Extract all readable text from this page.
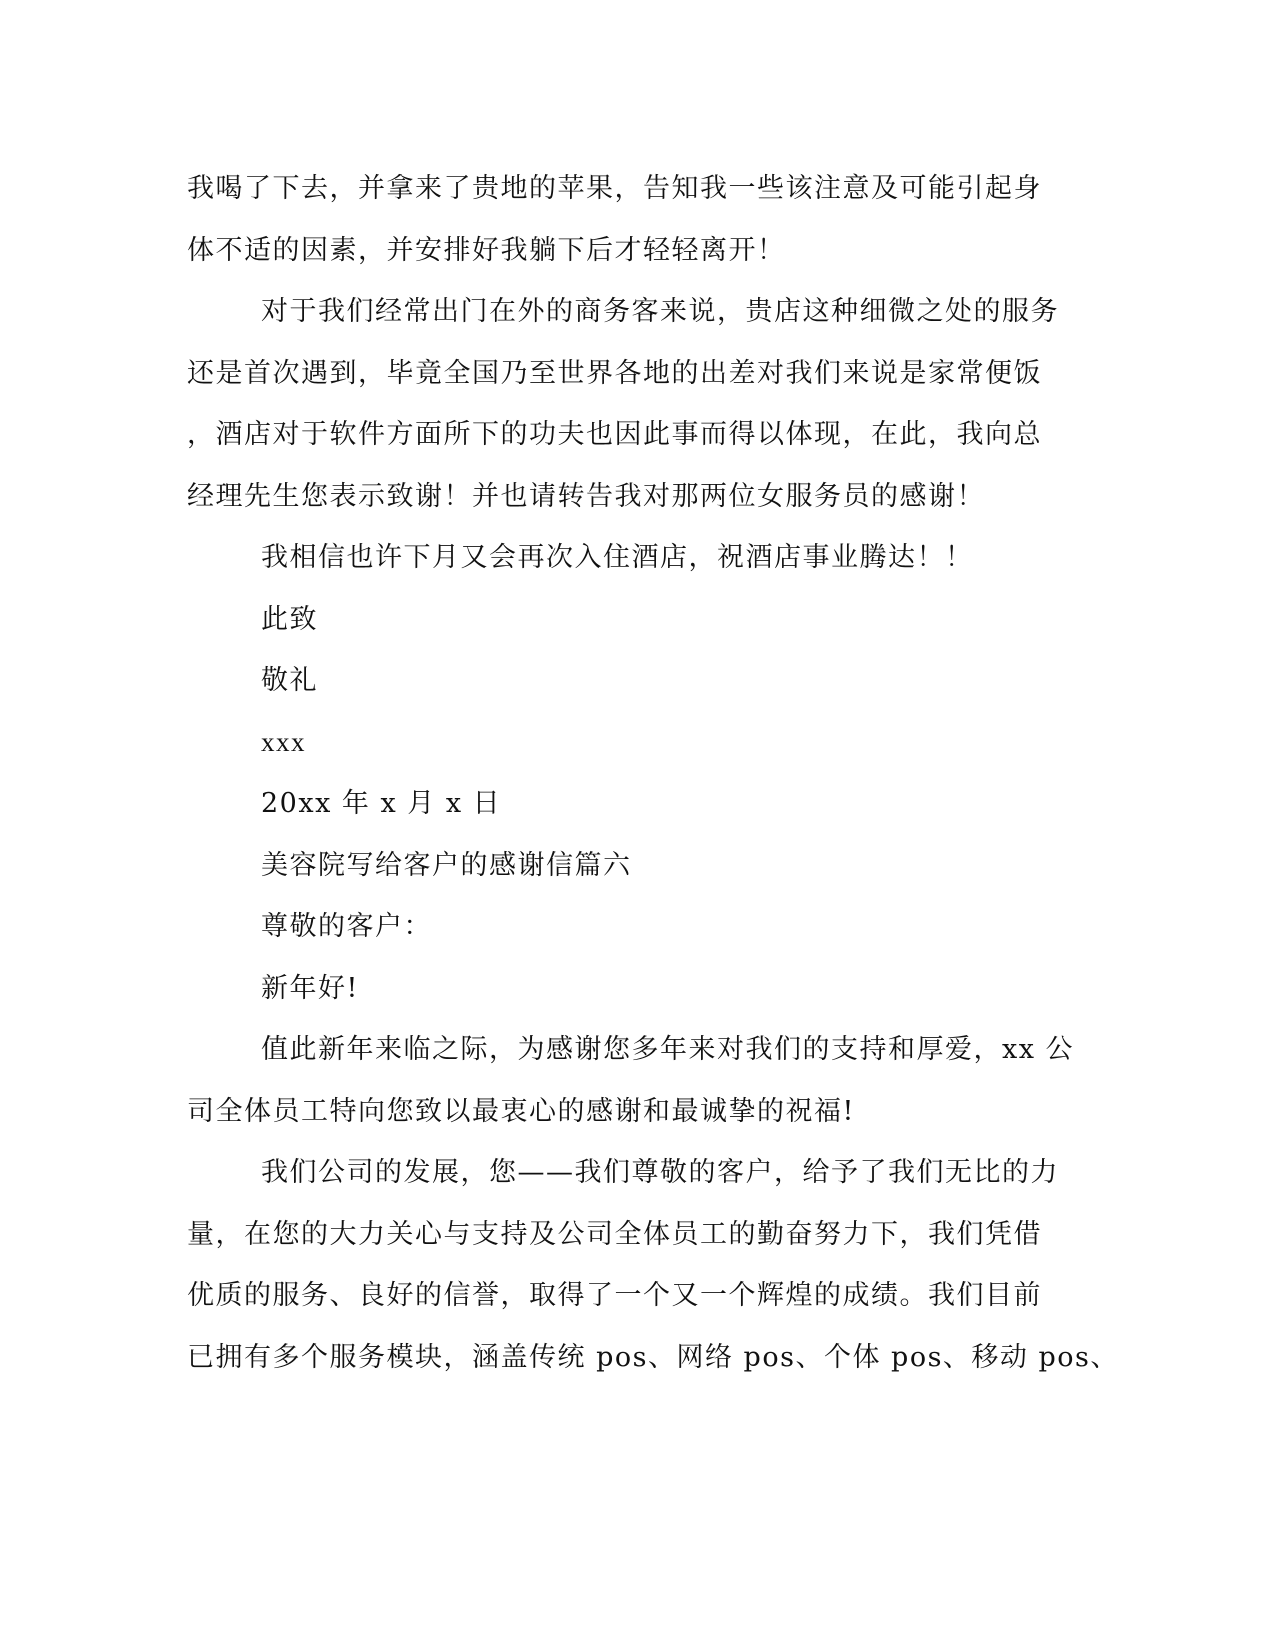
我喝了下去，并拿来了贵地的苹果，告知我一些该注意及可能引起身
体不适的因素，并安排好我躺下后才轻轻离开！
对于我们经常出门在外的商务客来说，贵店这种细微之处的服务
还是首次遇到，毕竟全国乃至世界各地的出差对我们来说是家常便饭
，酒店对于软件方面所下的功夫也因此事而得以体现，在此，我向总
经理先生您表示致谢！并也请转告我对那两位女服务员的感谢！
我相信也许下月又会再次入住酒店，祝酒店事业腾达！！
此致
敬礼
xxx
20xx 年 x 月 x 日
美容院写给客户的感谢信篇六
尊敬的客户：
新年好!
值此新年来临之际，为感谢您多年来对我们的支持和厚爱，xx 公
司全体员工特向您致以最衷心的感谢和最诚挚的祝福!
我们公司的发展，您——我们尊敬的客户，给予了我们无比的力
量，在您的大力关心与支持及公司全体员工的勤奋努力下，我们凭借
优质的服务、良好的信誉，取得了一个又一个辉煌的成绩。我们目前
已拥有多个服务模块，涵盖传统 pos、网络 pos、个体 pos、移动 pos、
